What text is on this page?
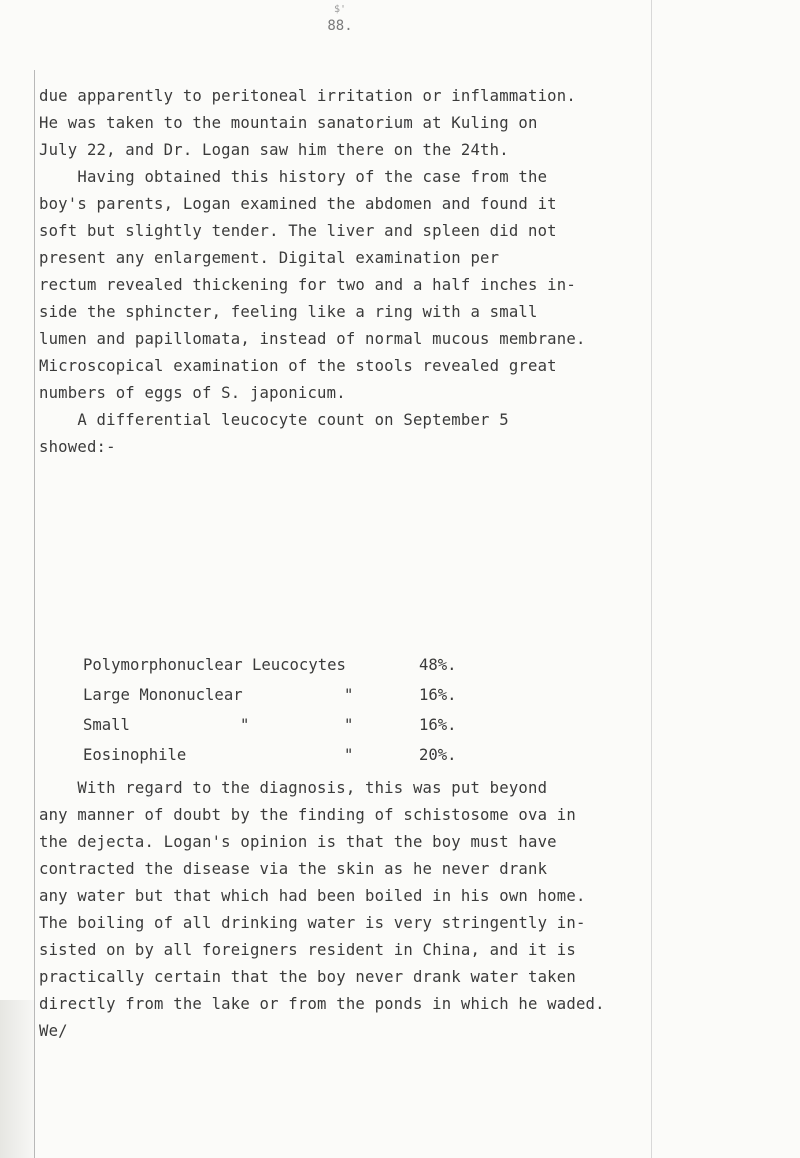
$'
88.
due apparently to peritoneal irritation or inflammation.
He was taken to the mountain sanatorium at Kuling on
July 22, and Dr. Logan saw him there on the 24th.
Having obtained this history of the case from the
boy's parents, Logan examined the abdomen and found it
soft but slightly tender. The liver and spleen did not
present any enlargement. Digital examination per
rectum revealed thickening for two and a half inches in-
side the sphincter, feeling like a ring with a small
lumen and papillomata, instead of normal mucous membrane.
Microscopical examination of the stools revealed great
numbers of eggs of S. japonicum.
A differential leucocyte count on September 5
showed:-
Polymorphonuclear Leucocytes	48%.
Large Mononuclear	"	16%.
Small	"	"	16%.
Eosinophile	"	20%.
With regard to the diagnosis, this was put beyond
any manner of doubt by the finding of schistosome ova in
the dejecta. Logan's opinion is that the boy must have
contracted the disease via the skin as he never drank
any water but that which had been boiled in his own home.
The boiling of all drinking water is very stringently in-
sisted on by all foreigners resident in China, and it is
practically certain that the boy never drank water taken
directly from the lake or from the ponds in which he waded.
We/
